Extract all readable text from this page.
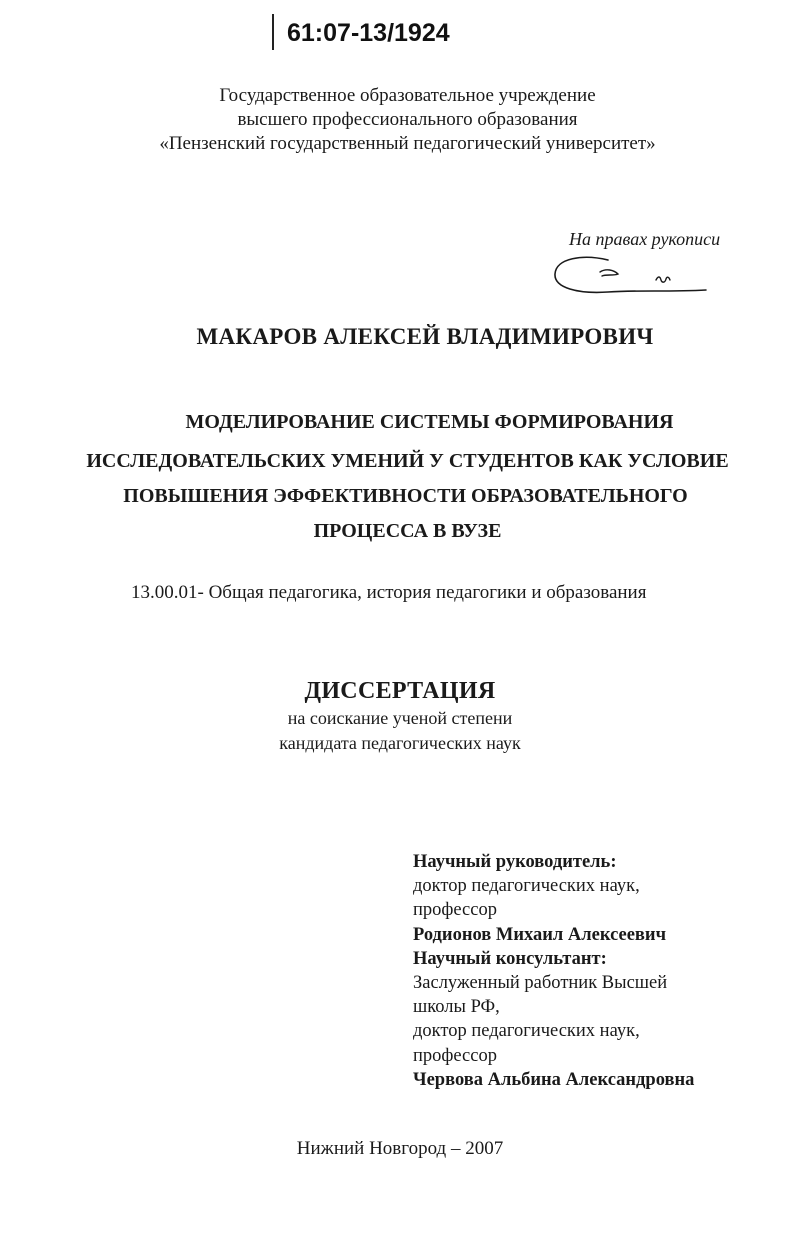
61:07-13/1924
Государственное образовательное учреждение
высшего профессионального образования
«Пензенский государственный педагогический университет»
На правах рукописи
МАКАРОВ АЛЕКСЕЙ ВЛАДИМИРОВИЧ
МОДЕЛИРОВАНИЕ СИСТЕМЫ ФОРМИРОВАНИЯ
ИССЛЕДОВАТЕЛЬСКИХ УМЕНИЙ У СТУДЕНТОВ КАК УСЛОВИЕ
ПОВЫШЕНИЯ ЭФФЕКТИВНОСТИ ОБРАЗОВАТЕЛЬНОГО
ПРОЦЕССА В ВУЗЕ
13.00.01- Общая педагогика, история педагогики и образования
ДИССЕРТАЦИЯ
на соискание ученой степени
кандидата педагогических наук
Научный руководитель:
доктор педагогических наук,
профессор
Родионов Михаил Алексеевич
Научный консультант:
Заслуженный работник Высшей
школы РФ,
доктор педагогических наук,
профессор
Червова Альбина Александровна
Нижний Новгород – 2007
